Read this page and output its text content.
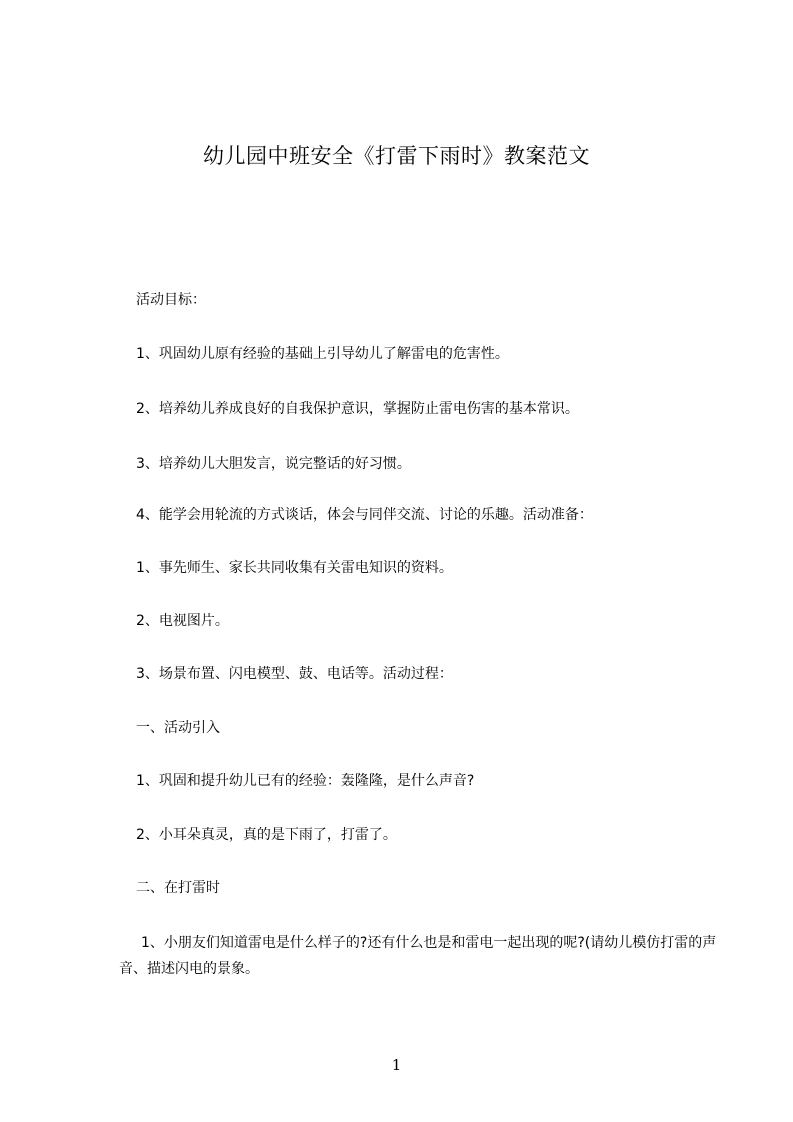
幼儿园中班安全《打雷下雨时》教案范文
活动目标：
1、巩固幼儿原有经验的基础上引导幼儿了解雷电的危害性。
2、培养幼儿养成良好的自我保护意识，掌握防止雷电伤害的基本常识。
3、培养幼儿大胆发言，说完整话的好习惯。
4、能学会用轮流的方式谈话，体会与同伴交流、讨论的乐趣。活动准备：
1、事先师生、家长共同收集有关雷电知识的资料。
2、电视图片。
3、场景布置、闪电模型、鼓、电话等。活动过程：
一、活动引入
1、巩固和提升幼儿已有的经验：轰隆隆，是什么声音?
2、小耳朵真灵，真的是下雨了，打雷了。
二、在打雷时
1、小朋友们知道雷电是什么样子的?还有什么也是和雷电一起出现的呢?(请幼儿模仿打雷的声音、描述闪电的景象。
1
